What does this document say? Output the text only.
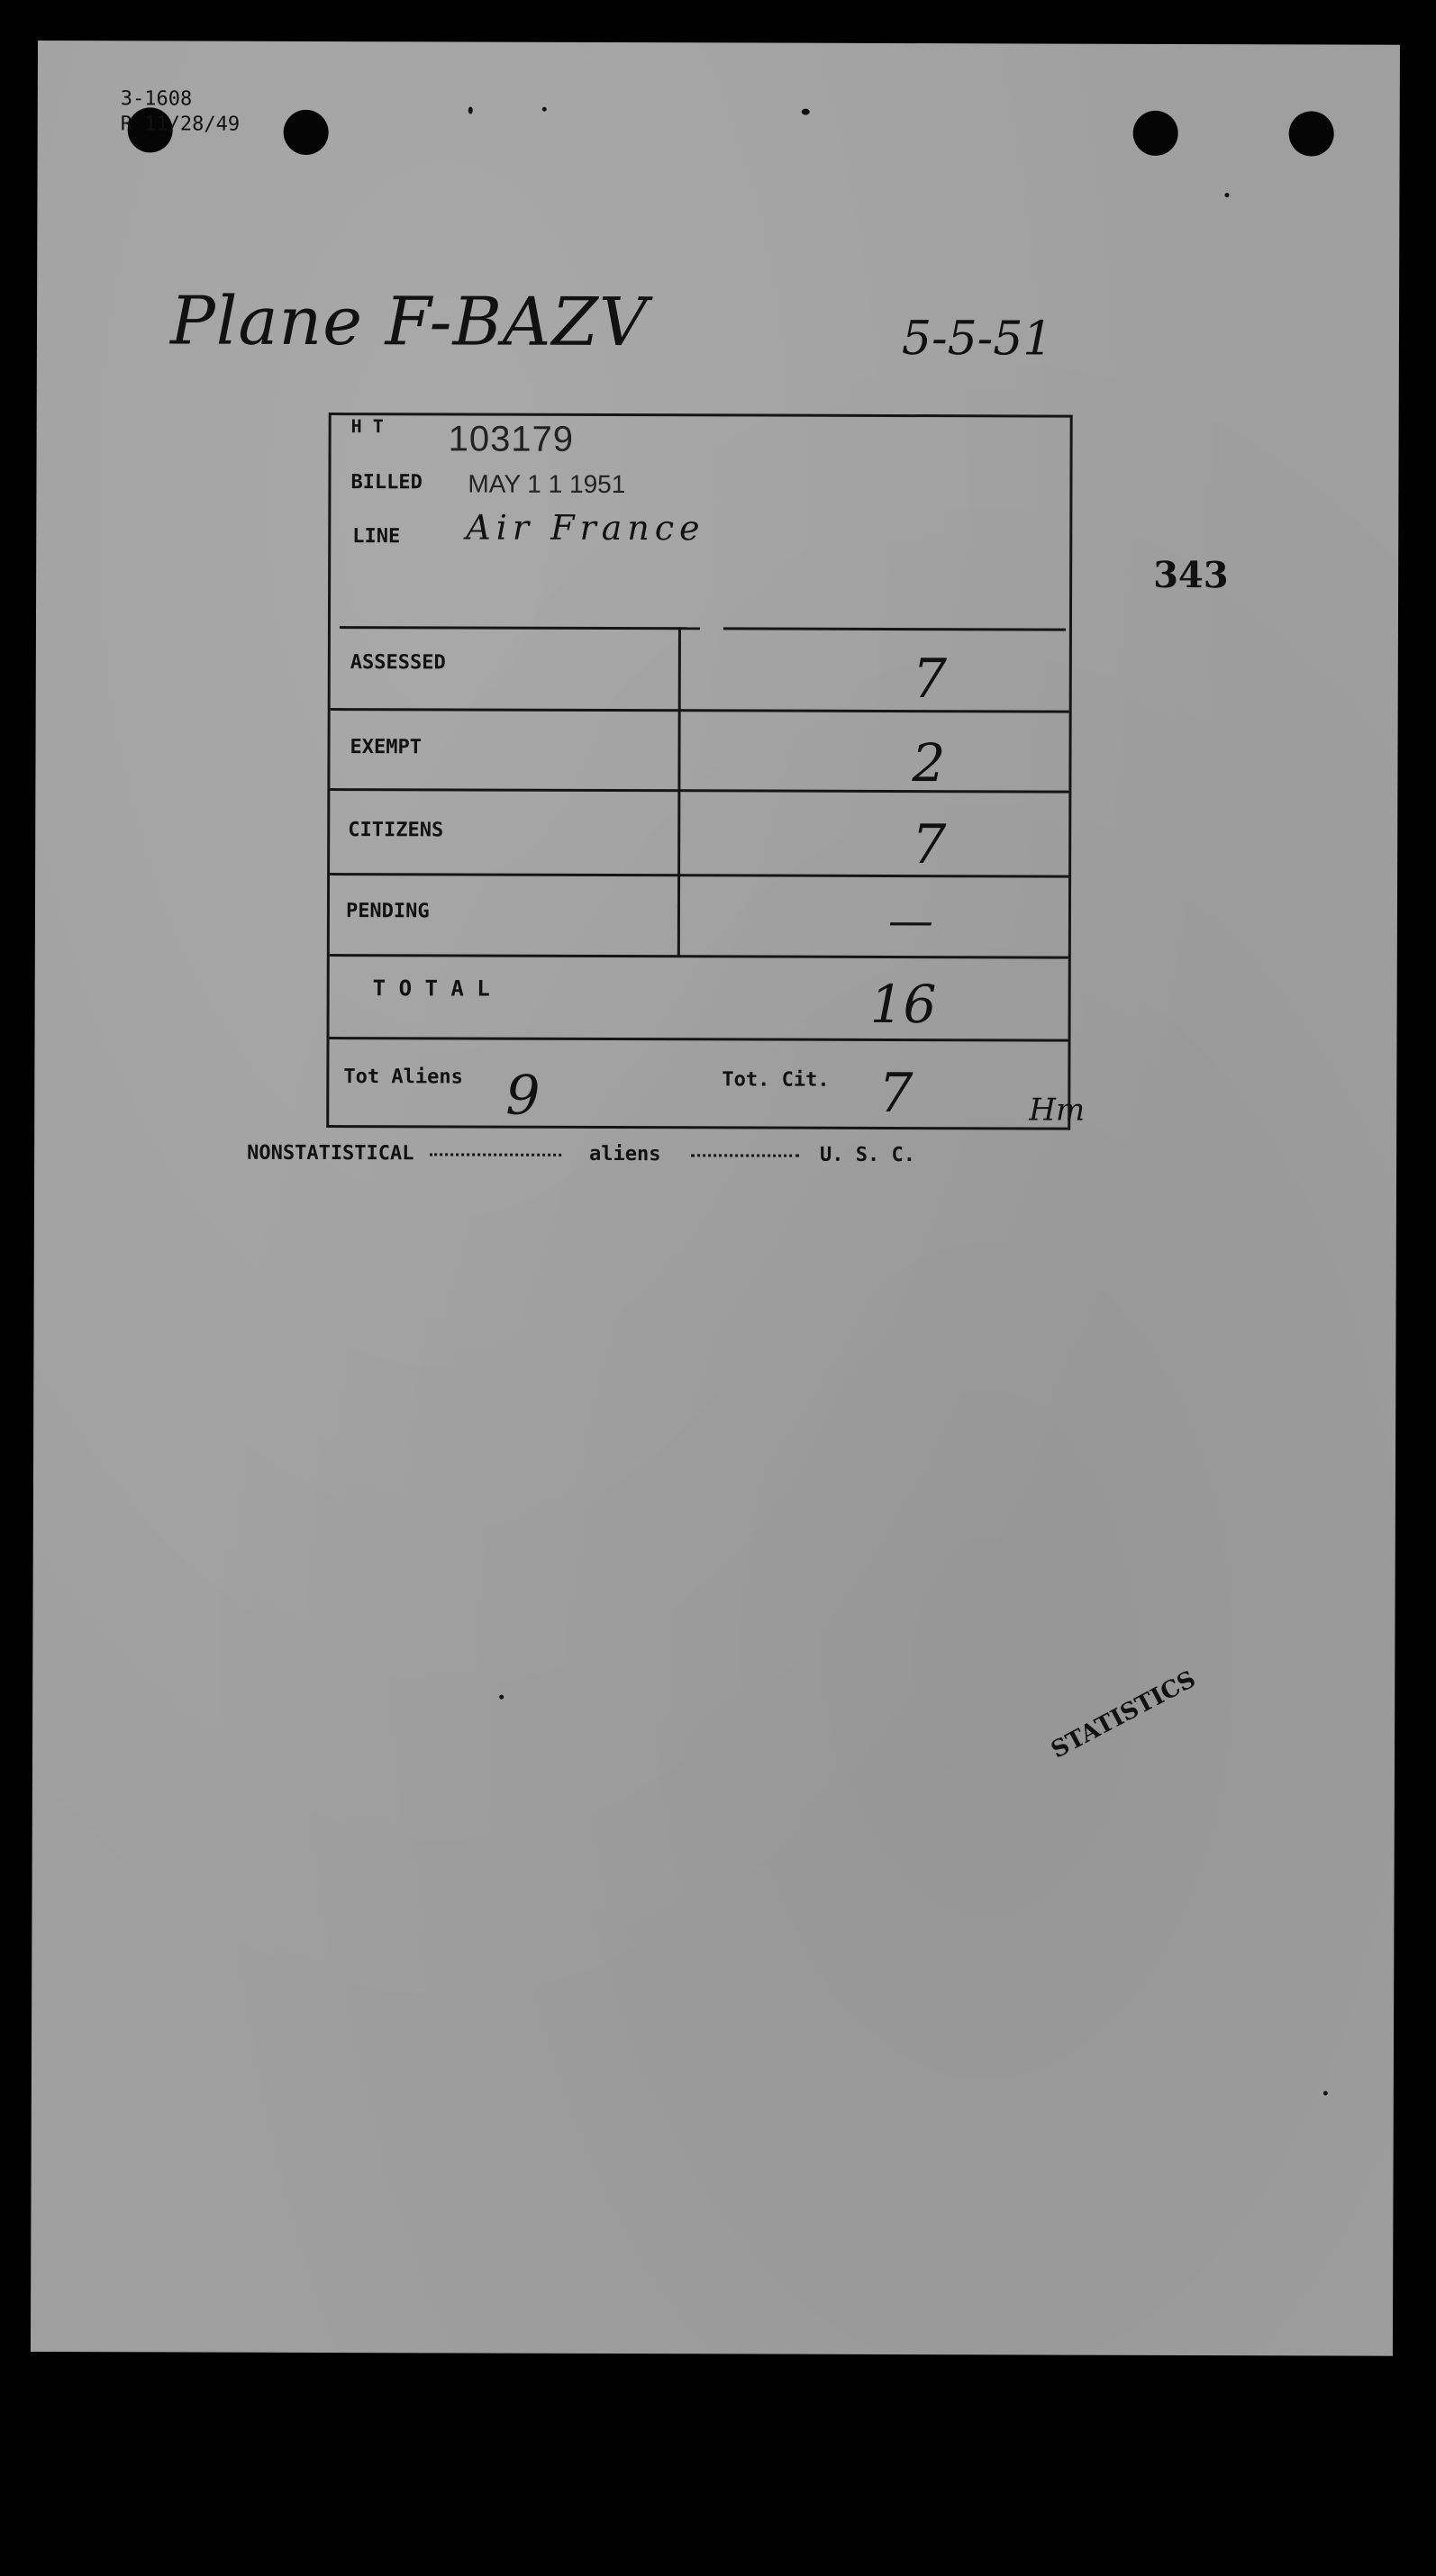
3-1608
R 11/28/49
Plane F-BAZV	5-5-51
343
H T 103179
BILLED MAY 1 1 1951
LINE Air France
ASSESSED	7
EXEMPT	2
CITIZENS	7
PENDING	—
T O T A L	16
Tot Aliens 9	Tot. Cit. 7	Hm
NONSTATISTICAL	aliens	U. S. C.
STATISTICS
